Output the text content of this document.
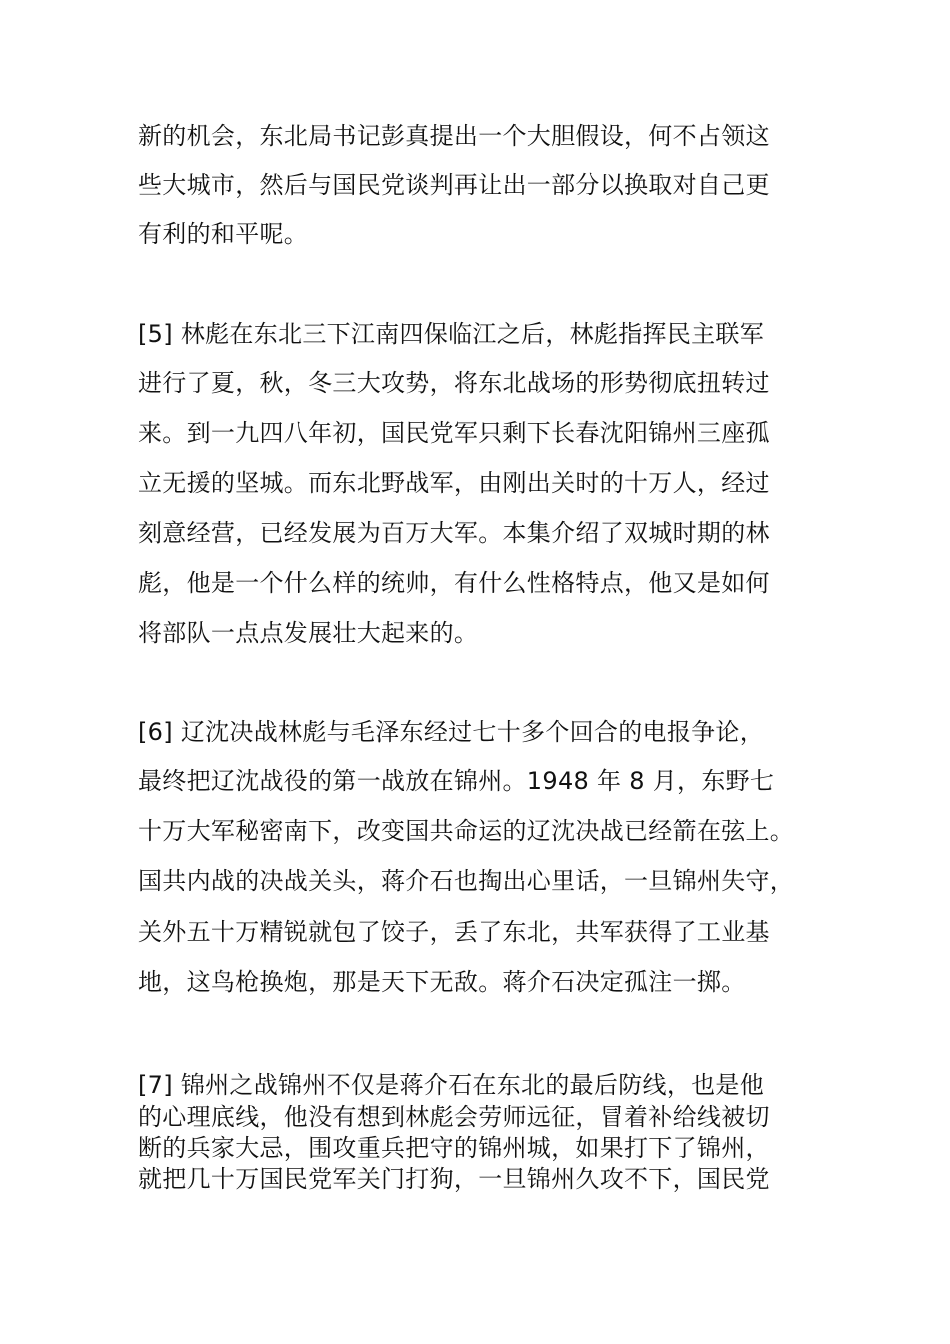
新的机会，东北局书记彭真提出一个大胆假设，何不占领这
些大城市，然后与国民党谈判再让出一部分以换取对自己更
有利的和平呢。
[5] 林彪在东北三下江南四保临江之后，林彪指挥民主联军
进行了夏，秋，冬三大攻势，将东北战场的形势彻底扭转过
来。到一九四八年初，国民党军只剩下长春沈阳锦州三座孤
立无援的坚城。而东北野战军，由刚出关时的十万人，经过
刻意经营，已经发展为百万大军。本集介绍了双城时期的林
彪，他是一个什么样的统帅，有什么性格特点，他又是如何
将部队一点点发展壮大起来的。
[6] 辽沈决战林彪与毛泽东经过七十多个回合的电报争论，
最终把辽沈战役的第一战放在锦州。1948 年 8 月，东野七
十万大军秘密南下，改变国共命运的辽沈决战已经箭在弦上。
国共内战的决战关头，蒋介石也掏出心里话，一旦锦州失守，
关外五十万精锐就包了饺子，丢了东北，共军获得了工业基
地，这鸟枪换炮，那是天下无敌。蒋介石决定孤注一掷。
[7] 锦州之战锦州不仅是蒋介石在东北的最后防线，也是他
的心理底线，他没有想到林彪会劳师远征，冒着补给线被切
断的兵家大忌，围攻重兵把守的锦州城，如果打下了锦州，
就把几十万国民党军关门打狗，一旦锦州久攻不下，国民党
